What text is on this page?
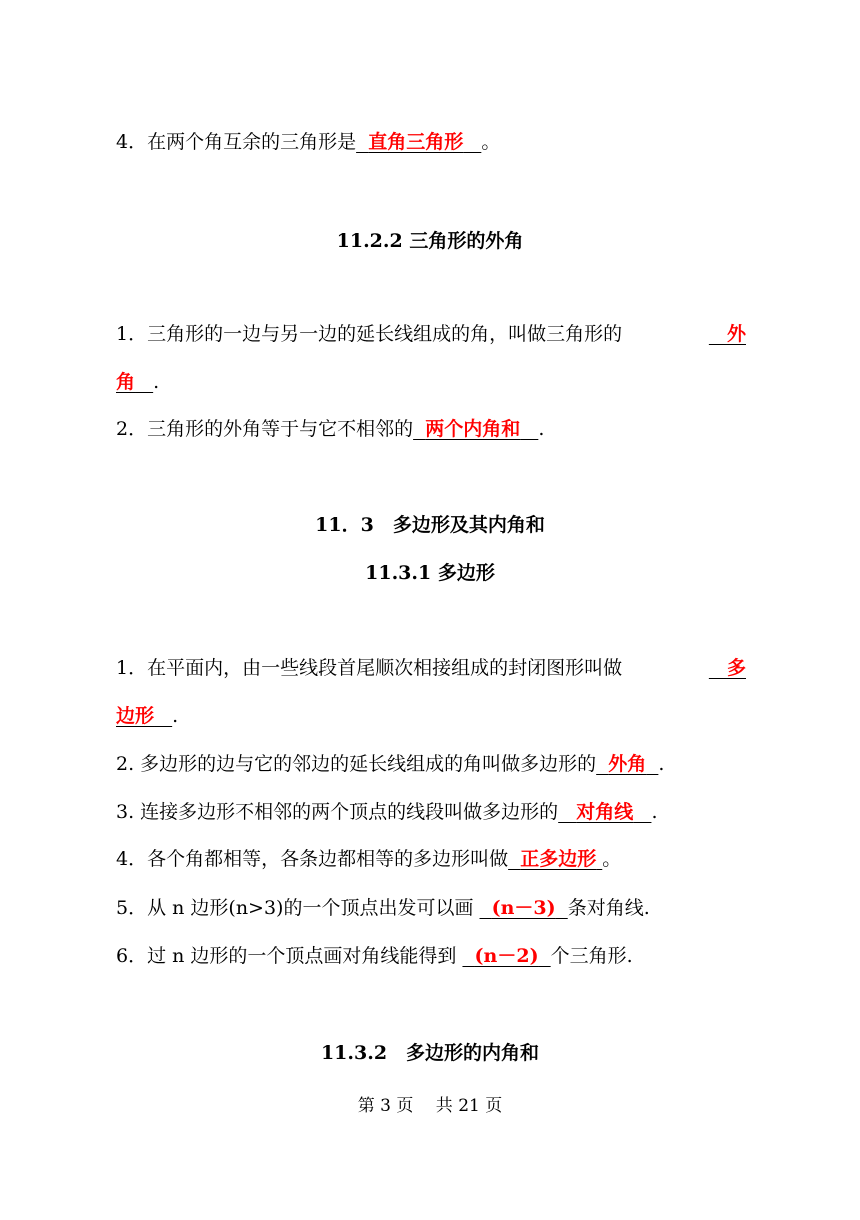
4．在两个角互余的三角形是 直角三角形 。
11.2.2 三角形的外角
1．三角形的一边与另一边的延长线组成的角，叫做三角形的	外
角 .
2．三角形的外角等于与它不相邻的 两个内角和 .
11．3　多边形及其内角和
11.3.1 多边形
1．在平面内，由一些线段首尾顺次相接组成的封闭图形叫做	多
边形 .
2. 多边形的边与它的邻边的延长线组成的角叫做多边形的 外角 .
3. 连接多边形不相邻的两个顶点的线段叫做多边形的 对角线 .
4．各个角都相等，各条边都相等的多边形叫做 正多边形 。
5．从 n 边形(n>3)的一个顶点出发可以画   (n－3) 条对角线.
6．过 n 边形的一个顶点画对角线能得到   (n－2) 个三角形.
11.3.2　多边形的内角和
第 3 页　 共 21 页
